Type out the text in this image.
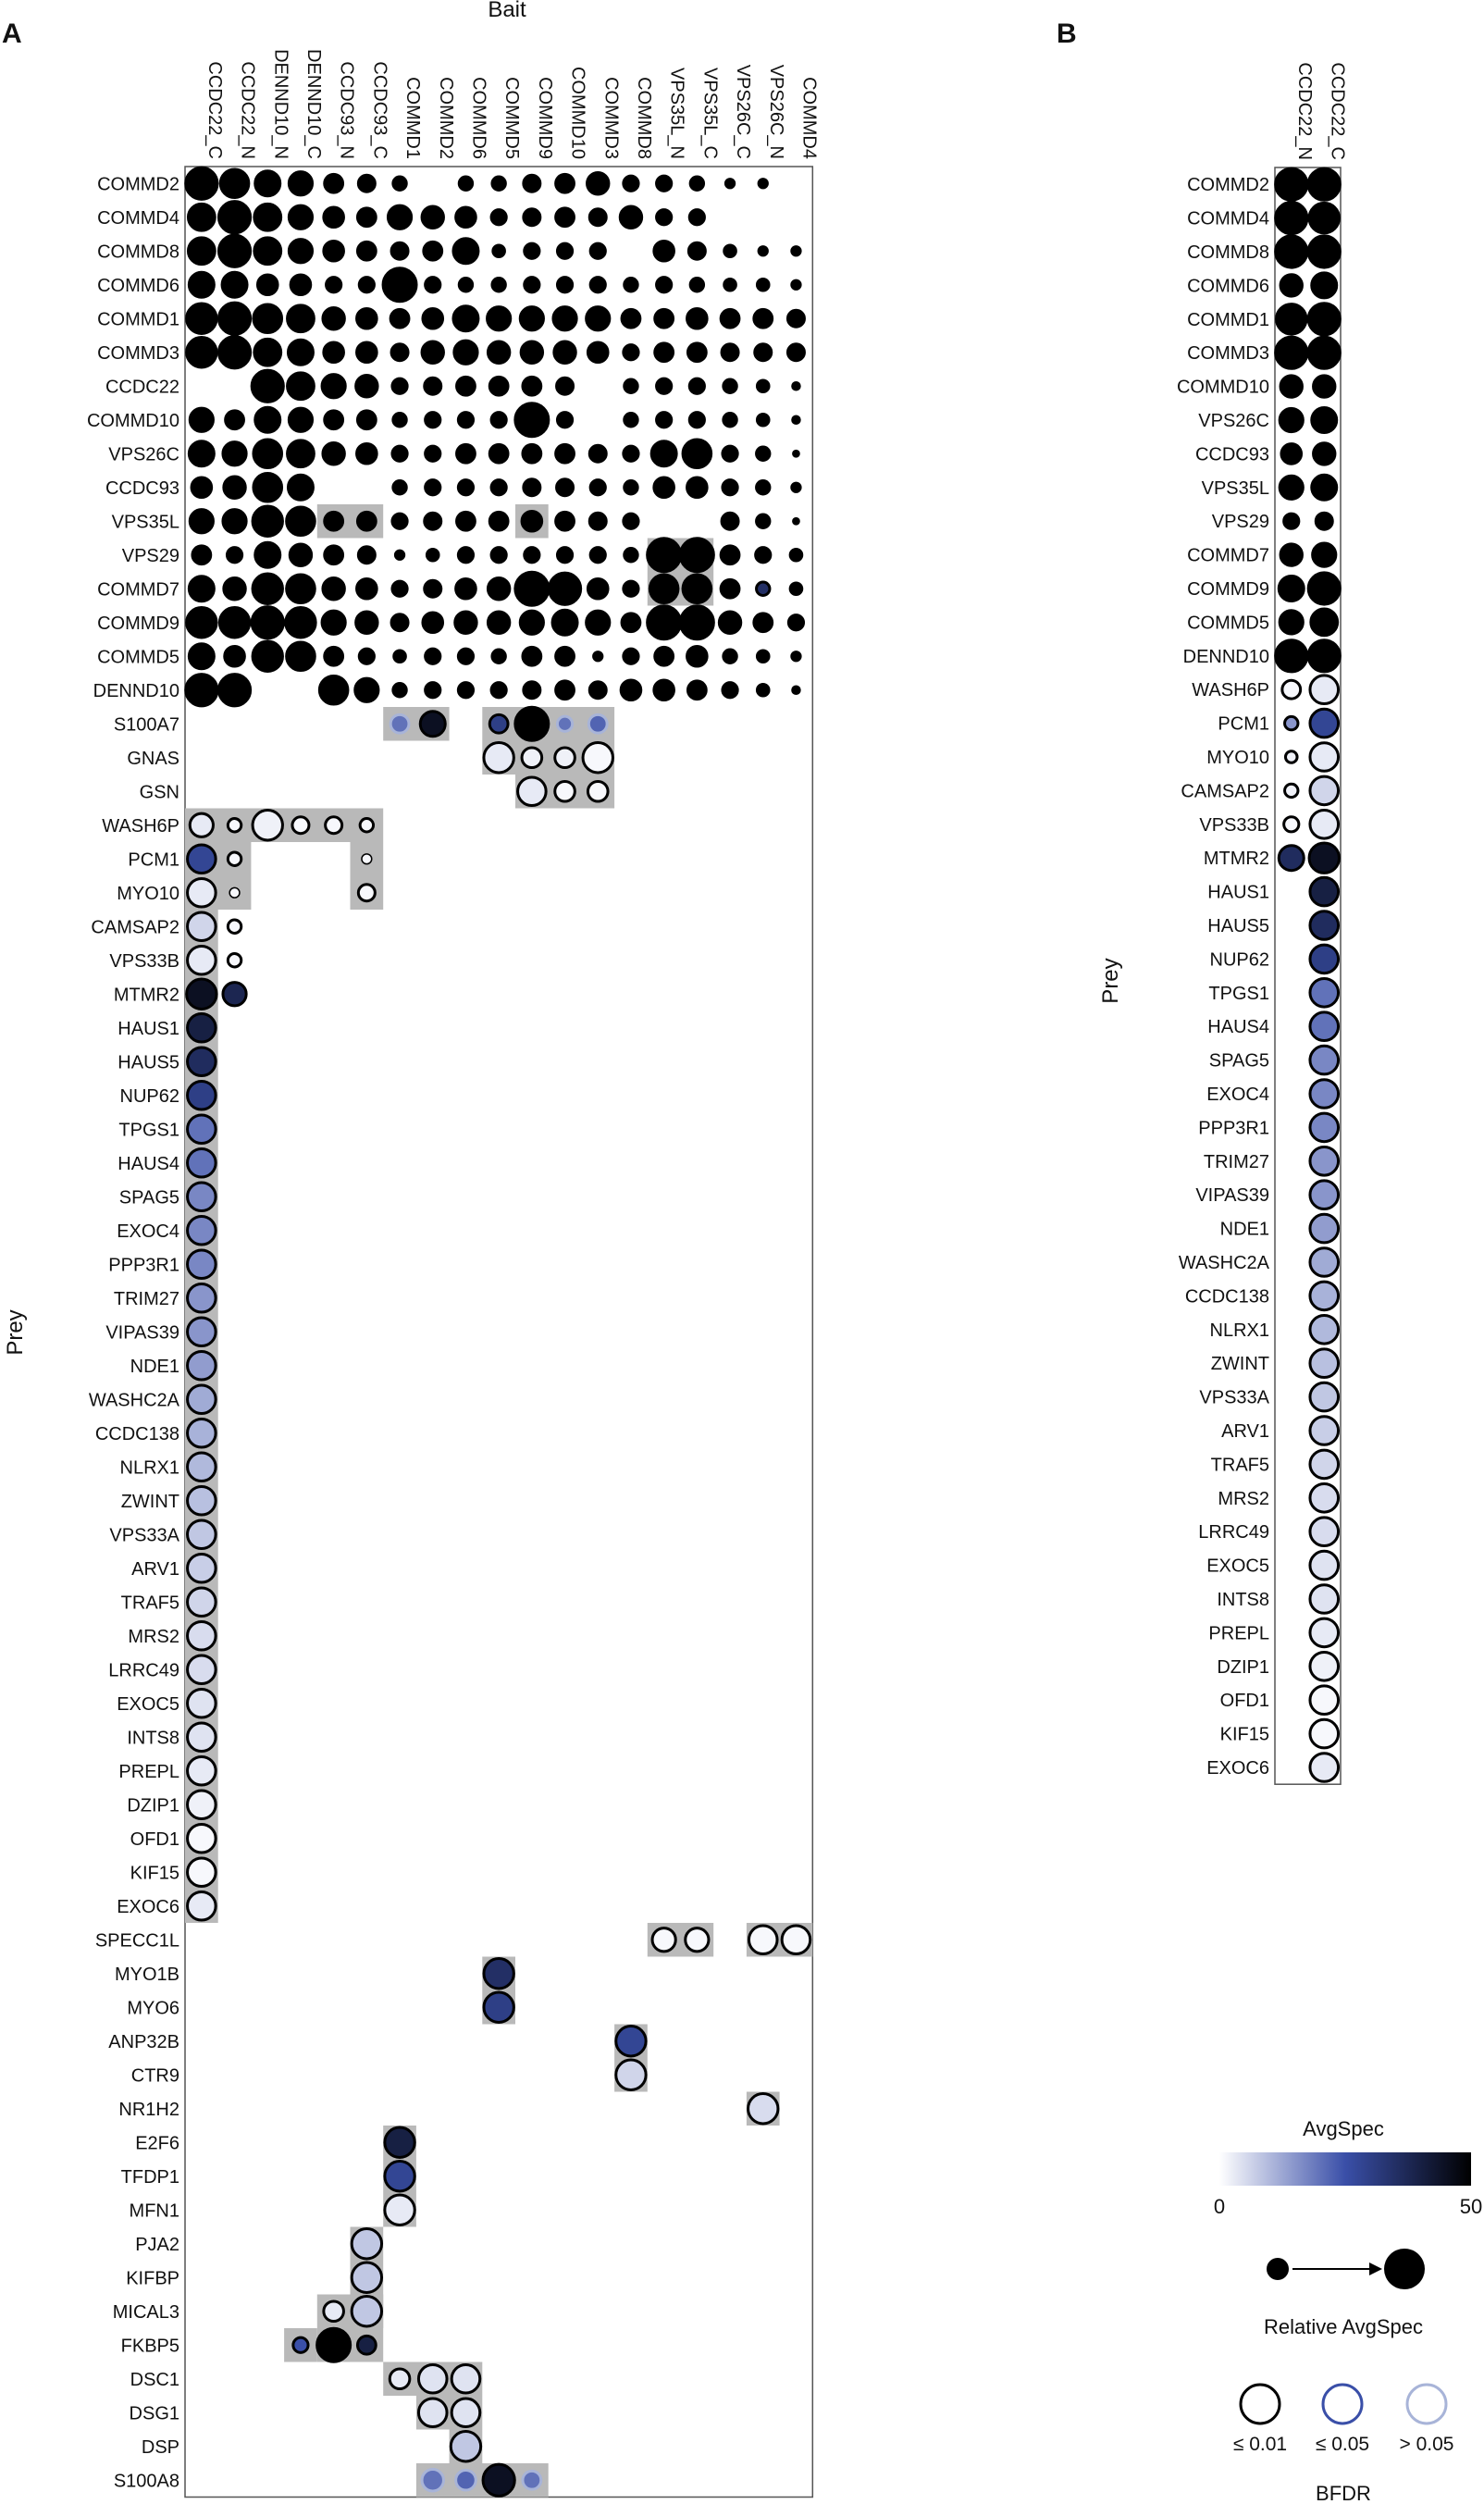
A
Bait
Prey
B
Prey
CCDC22_C CCDC22_N DENND10_N DENND10_C CCDC93_N CCDC93_C COMMD1 COMMD2 COMMD6 COMMD5 COMMD9 COMMD10 COMMD3 COMMD8 VPS35L_N VPS35L_C VPS26C_C VPS26C_N COMMD4
COMMD2
COMMD4
COMMD8
COMMD6
COMMD1
COMMD3
CCDC22
COMMD10
VPS26C
CCDC93
VPS35L
VPS29
COMMD7
COMMD9
COMMD5
DENND10
S100A7
GNAS
GSN
WASH6P
PCM1
MYO10
CAMSAP2
VPS33B
MTMR2
HAUS1
HAUS5
NUP62
TPGS1
HAUS4
SPAG5
EXOC4
PPP3R1
TRIM27
VIPAS39
NDE1
WASHC2A
CCDC138
NLRX1
ZWINT
VPS33A
ARV1
TRAF5
MRS2
LRRC49
EXOC5
INTS8
PREPL
DZIP1
OFD1
KIF15
EXOC6
SPECC1L
MYO1B
MYO6
ANP32B
CTR9
NR1H2
E2F6
TFDP1
MFN1
PJA2
KIFBP
MICAL3
FKBP5
DSC1
DSG1
DSP
S100A8
CCDC22_N CCDC22_C
COMMD2
COMMD4
COMMD8
COMMD6
COMMD1
COMMD3
COMMD10
VPS26C
CCDC93
VPS35L
VPS29
COMMD7
COMMD9
COMMD5
DENND10
WASH6P
PCM1
MYO10
CAMSAP2
VPS33B
MTMR2
HAUS1
HAUS5
NUP62
TPGS1
HAUS4
SPAG5
EXOC4
PPP3R1
TRIM27
VIPAS39
NDE1
WASHC2A
CCDC138
NLRX1
ZWINT
VPS33A
ARV1
TRAF5
MRS2
LRRC49
EXOC5
INTS8
PREPL
DZIP1
OFD1
KIF15
EXOC6
AvgSpec
0	50
Relative AvgSpec
≤ 0.01 ≤ 0.05 > 0.05
BFDR
